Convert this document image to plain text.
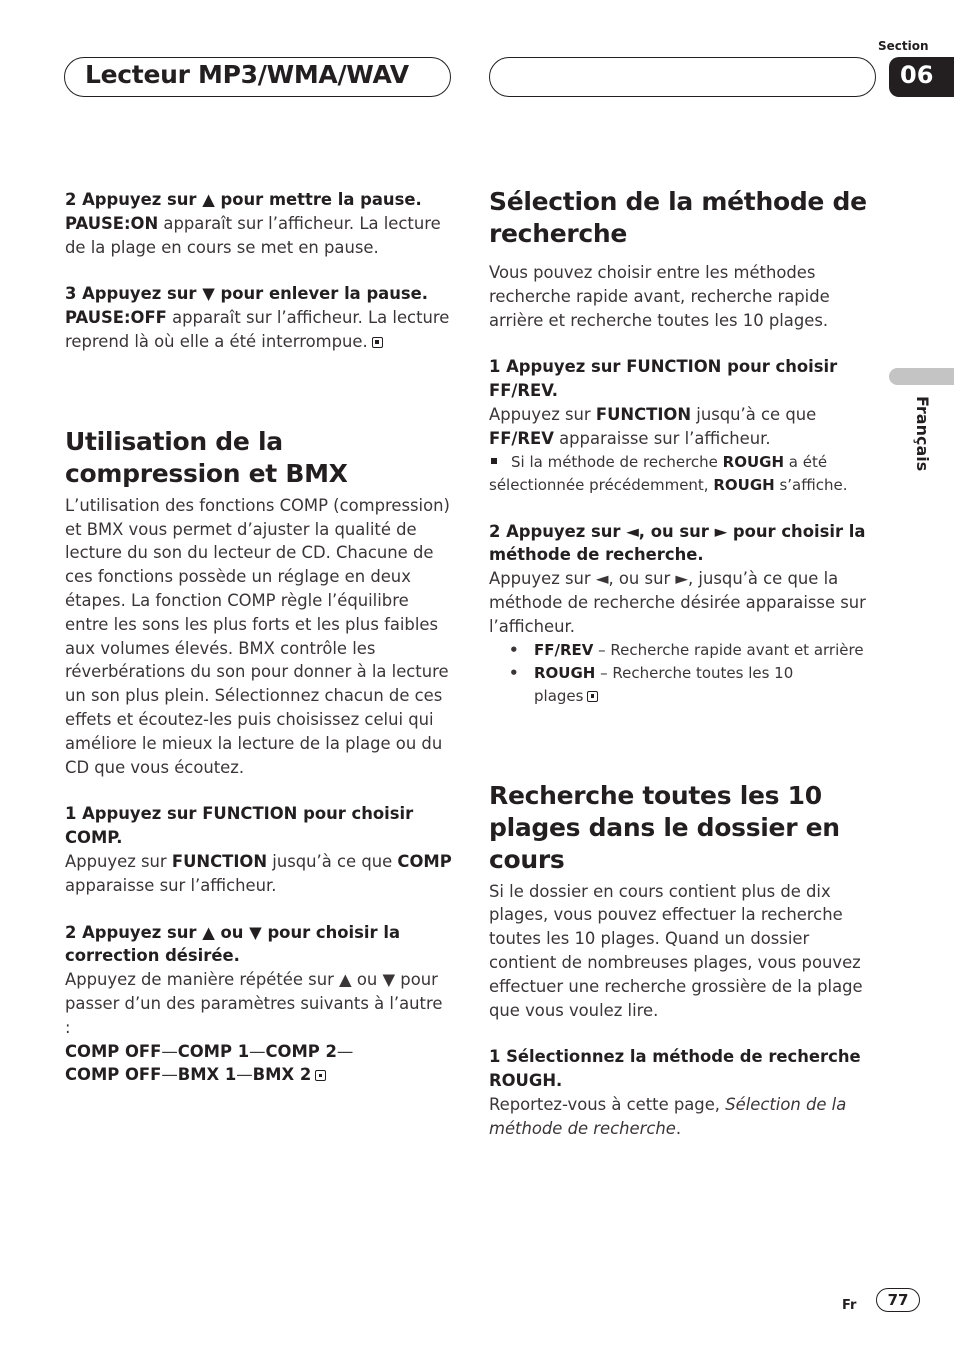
Lecteur MP3/WMA/WAV
Section
06
Français

2 Appuyez sur ▲ pour mettre la pause.

PAUSE:ON apparaît sur l’afficheur. La lecture de la plage en cours se met en pause.

3 Appuyez sur ▼ pour enlever la pause.

PAUSE:OFF apparaît sur l’afficheur. La lecture reprend là où elle a été interrompue.

Utilisation de la compression et BMX

L’utilisation des fonctions COMP (compression) et BMX vous permet d’ajuster la qualité de lecture du son du lecteur de CD. Chacune de ces fonctions possède un réglage en deux étapes. La fonction COMP règle l’équilibre entre les sons les plus forts et les plus faibles aux volumes élevés. BMX contrôle les réverbérations du son pour donner à la lecture un son plus plein. Sélectionnez chacun de ces effets et écoutez-les puis choisissez celui qui améliore le mieux la lecture de la plage ou du CD que vous écoutez.

1 Appuyez sur FUNCTION pour choisir COMP.

Appuyez sur FUNCTION jusqu’à ce que COMP apparaisse sur l’afficheur.

2 Appuyez sur ▲ ou ▼ pour choisir la correction désirée.

Appuyez de manière répétée sur ▲ ou ▼ pour passer d’un des paramètres suivants à l’autre :

COMP OFF—COMP 1—COMP 2—

COMP OFF—BMX 1—BMX 2

Sélection de la méthode de recherche

Vous pouvez choisir entre les méthodes recherche rapide avant, recherche rapide arrière et recherche toutes les 10 plages.

1 Appuyez sur FUNCTION pour choisir FF/REV.

Appuyez sur FUNCTION jusqu’à ce que FF/REV apparaisse sur l’afficheur.

Si la méthode de recherche ROUGH a été sélectionnée précédemment, ROUGH s’affiche.

2 Appuyez sur ◄, ou sur ► pour choisir la méthode de recherche.

Appuyez sur ◄, ou sur ►, jusqu’à ce que la méthode de recherche désirée apparaisse sur l’afficheur.

• FF/REV – Recherche rapide avant et arrière

• ROUGH – Recherche toutes les 10 plages

Recherche toutes les 10 plages dans le dossier en cours

Si le dossier en cours contient plus de dix plages, vous pouvez effectuer la recherche toutes les 10 plages. Quand un dossier contient de nombreuses plages, vous pouvez effectuer une recherche grossière de la plage que vous voulez lire.

1 Sélectionnez la méthode de recherche ROUGH.

Reportez-vous à cette page, Sélection de la méthode de recherche.

Fr	77
